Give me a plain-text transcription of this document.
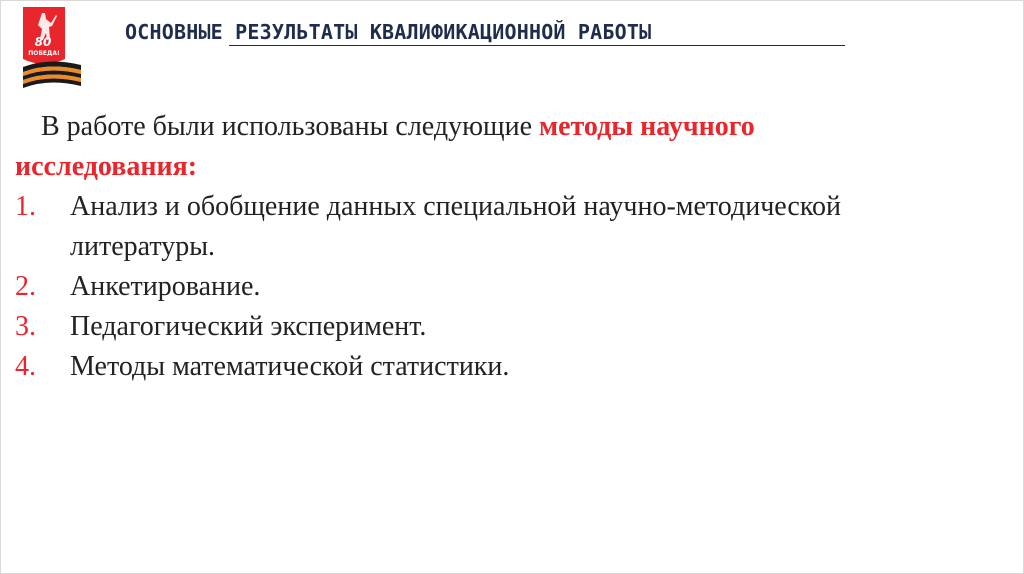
80
ПОБЕДА!
ОСНОВНЫЕ РЕЗУЛЬТАТЫ КВАЛИФИКАЦИОННОЙ РАБОТЫ

В работе были использованы следующие методы научного

исследования:

1. Анализ и обобщение данных специальной научно-методической литературы.
2. Анкетирование.
3. Педагогический эксперимент.
4. Методы математической статистики.
